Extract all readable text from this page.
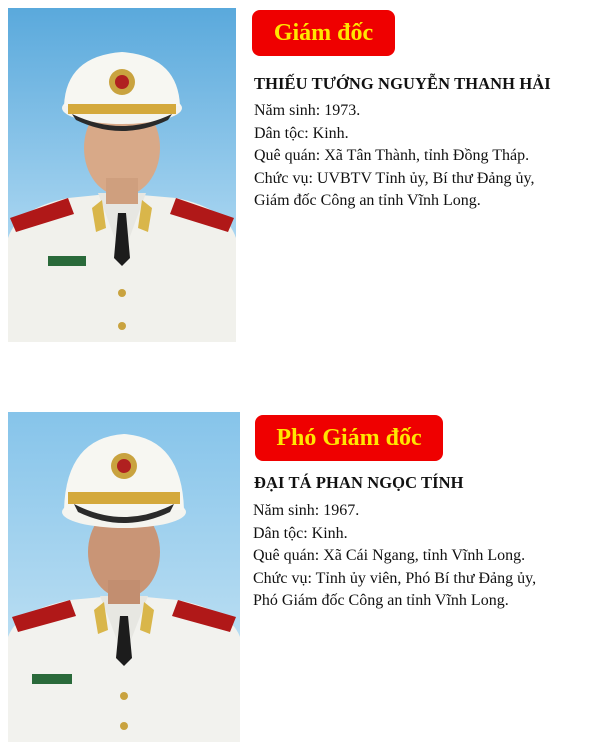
Giám đốc
THIẾU TƯỚNG NGUYỄN THANH HẢI
Năm sinh: 1973.
Dân tộc: Kinh.
Quê quán: Xã Tân Thành, tỉnh Đồng Tháp.
Chức vụ: UVBTV Tỉnh ủy, Bí thư Đảng ủy,
Giám đốc Công an tỉnh Vĩnh Long.
Phó Giám đốc
ĐẠI TÁ PHAN NGỌC TÍNH
Năm sinh: 1967.
Dân tộc: Kinh.
Quê quán: Xã Cái Ngang, tỉnh Vĩnh Long.
Chức vụ: Tỉnh ủy viên, Phó Bí thư Đảng ủy,
Phó Giám đốc Công an tỉnh Vĩnh Long.
